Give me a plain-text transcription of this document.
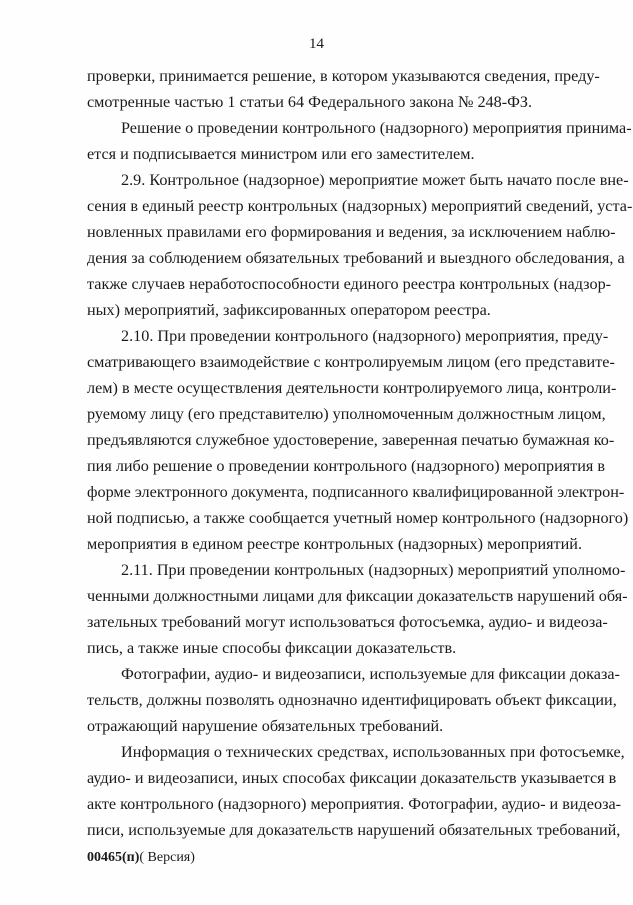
14
проверки, принимается решение, в котором указываются сведения, преду-
смотренные частью 1 статьи 64 Федерального закона № 248-ФЗ.
Решение о проведении контрольного (надзорного) мероприятия принима-
ется и подписывается министром или его заместителем.
2.9. Контрольное (надзорное) мероприятие может быть начато после вне-
сения в единый реестр контрольных (надзорных) мероприятий сведений, уста-
новленных правилами его формирования и ведения, за исключением наблю-
дения за соблюдением обязательных требований и выездного обследования, а
также случаев неработоспособности единого реестра контрольных (надзор-
ных) мероприятий, зафиксированных оператором реестра.
2.10. При проведении контрольного (надзорного) мероприятия, преду-
сматривающего взаимодействие с контролируемым лицом (его представите-
лем) в месте осуществления деятельности контролируемого лица, контроли-
руемому лицу (его представителю) уполномоченным должностным лицом,
предъявляются служебное удостоверение, заверенная печатью бумажная ко-
пия либо решение о проведении контрольного (надзорного) мероприятия в
форме электронного документа, подписанного квалифицированной электрон-
ной подписью, а также сообщается учетный номер контрольного (надзорного)
мероприятия в едином реестре контрольных (надзорных) мероприятий.
2.11. При проведении контрольных (надзорных) мероприятий уполномо-
ченными должностными лицами для фиксации доказательств нарушений обя-
зательных требований могут использоваться фотосъемка, аудио- и видеоза-
пись, а также иные способы фиксации доказательств.
Фотографии, аудио- и видеозаписи, используемые для фиксации доказа-
тельств, должны позволять однозначно идентифицировать объект фиксации,
отражающий нарушение обязательных требований.
Информация о технических средствах, использованных при фотосъемке,
аудио- и видеозаписи, иных способах фиксации доказательств указывается в
акте контрольного (надзорного) мероприятия. Фотографии, аудио- и видеоза-
писи, используемые для доказательств нарушений обязательных требований,
00465(п)( Версия)
